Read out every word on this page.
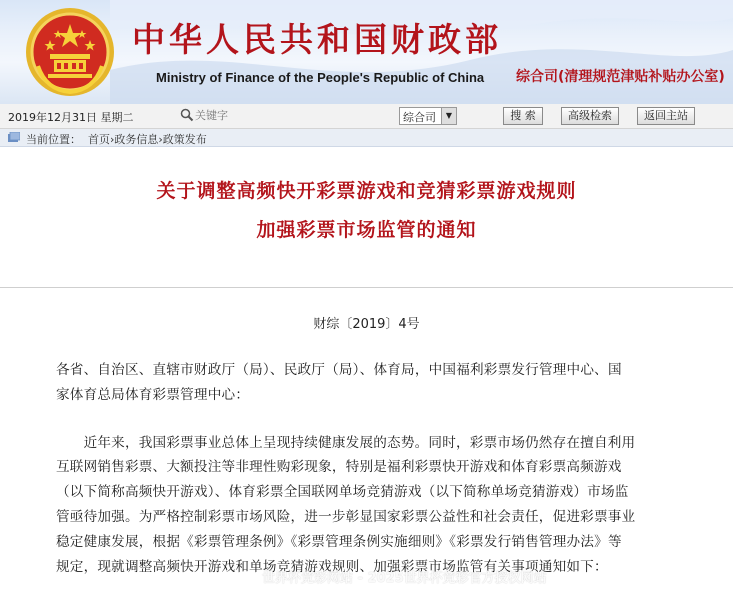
中华人民共和国财政部
Ministry of Finance of the People's Republic of China 综合司(清理规范津贴补贴办公室)
2019年12月31日 星期二
关键字	综合司	▼	搜 索	高级检索	返回主站
当前位置： 首页›政务信息›政策发布
关于调整高频快开彩票游戏和竞猜彩票游戏规则
加强彩票市场监管的通知
财综〔2019〕4号
各省、自治区、直辖市财政厅（局）、民政厅（局）、体育局，中国福利彩票发行管理中心、国
家体育总局体育彩票管理中心：
　　近年来，我国彩票事业总体上呈现持续健康发展的态势。同时，彩票市场仍然存在擅自利用
互联网销售彩票、大额投注等非理性购彩现象，特别是福利彩票快开游戏和体育彩票高频游戏
（以下简称高频快开游戏）、体育彩票全国联网单场竞猜游戏（以下简称单场竞猜游戏）市场监
管亟待加强。为严格控制彩票市场风险，进一步彰显国家彩票公益性和社会责任，促进彩票事业
稳定健康发展，根据《彩票管理条例》《彩票管理条例实施细则》《彩票发行销售管理办法》等
规定，现就调整高频快开游戏和单场竞猜游戏规则、加强彩票市场监管有关事项通知如下：
世界杯竞彩网站 - 2025世界杯竞彩官方授权网站
